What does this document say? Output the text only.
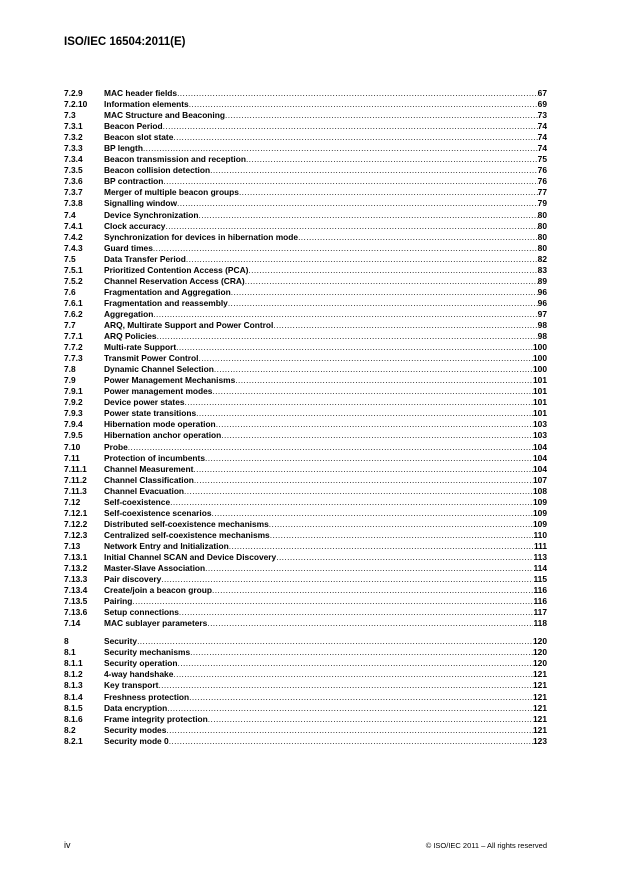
ISO/IEC 16504:2011(E)
7.2.9	MAC header fields .....	67
7.2.10	Information elements .....	69
7.3	MAC Structure and Beaconing .....	73
7.3.1	Beacon Period .....	74
7.3.2	Beacon slot state .....	74
7.3.3	BP length .....	74
7.3.4	Beacon transmission and reception .....	75
7.3.5	Beacon collision detection .....	76
7.3.6	BP contraction .....	76
7.3.7	Merger of multiple beacon groups .....	77
7.3.8	Signalling window .....	79
7.4	Device Synchronization .....	80
7.4.1	Clock accuracy .....	80
7.4.2	Synchronization for devices in hibernation mode .....	80
7.4.3	Guard times .....	80
7.5	Data Transfer Period .....	82
7.5.1	Prioritized Contention Access (PCA) .....	83
7.5.2	Channel Reservation Access (CRA) .....	89
7.6	Fragmentation and Aggregation .....	96
7.6.1	Fragmentation and reassembly .....	96
7.6.2	Aggregation .....	97
7.7	ARQ, Multirate Support and Power Control .....	98
7.7.1	ARQ Policies .....	98
7.7.2	Multi-rate Support .....	100
7.7.3	Transmit Power Control .....	100
7.8	Dynamic Channel Selection .....	100
7.9	Power Management Mechanisms .....	101
7.9.1	Power management modes .....	101
7.9.2	Device power states .....	101
7.9.3	Power state transitions .....	101
7.9.4	Hibernation mode operation .....	103
7.9.5	Hibernation anchor operation .....	103
7.10	Probe .....	104
7.11	Protection of incumbents .....	104
7.11.1	Channel Measurement .....	104
7.11.2	Channel Classification .....	107
7.11.3	Channel Evacuation .....	108
7.12	Self-coexistence .....	109
7.12.1	Self-coexistence scenarios .....	109
7.12.2	Distributed self-coexistence mechanisms .....	109
7.12.3	Centralized self-coexistence mechanisms .....	110
7.13	Network Entry and Initialization .....	111
7.13.1	Initial Channel SCAN and Device Discovery .....	113
7.13.2	Master-Slave Association .....	114
7.13.3	Pair discovery .....	115
7.13.4	Create/join a beacon group .....	116
7.13.5	Pairing .....	116
7.13.6	Setup connections .....	117
7.14	MAC sublayer parameters .....	118
8	Security .....	120
8.1	Security mechanisms .....	120
8.1.1	Security operation .....	120
8.1.2	4-way handshake .....	121
8.1.3	Key transport .....	121
8.1.4	Freshness protection .....	121
8.1.5	Data encryption .....	121
8.1.6	Frame integrity protection .....	121
8.2	Security modes .....	121
8.2.1	Security mode 0 .....	123
iv	© ISO/IEC 2011 – All rights reserved
